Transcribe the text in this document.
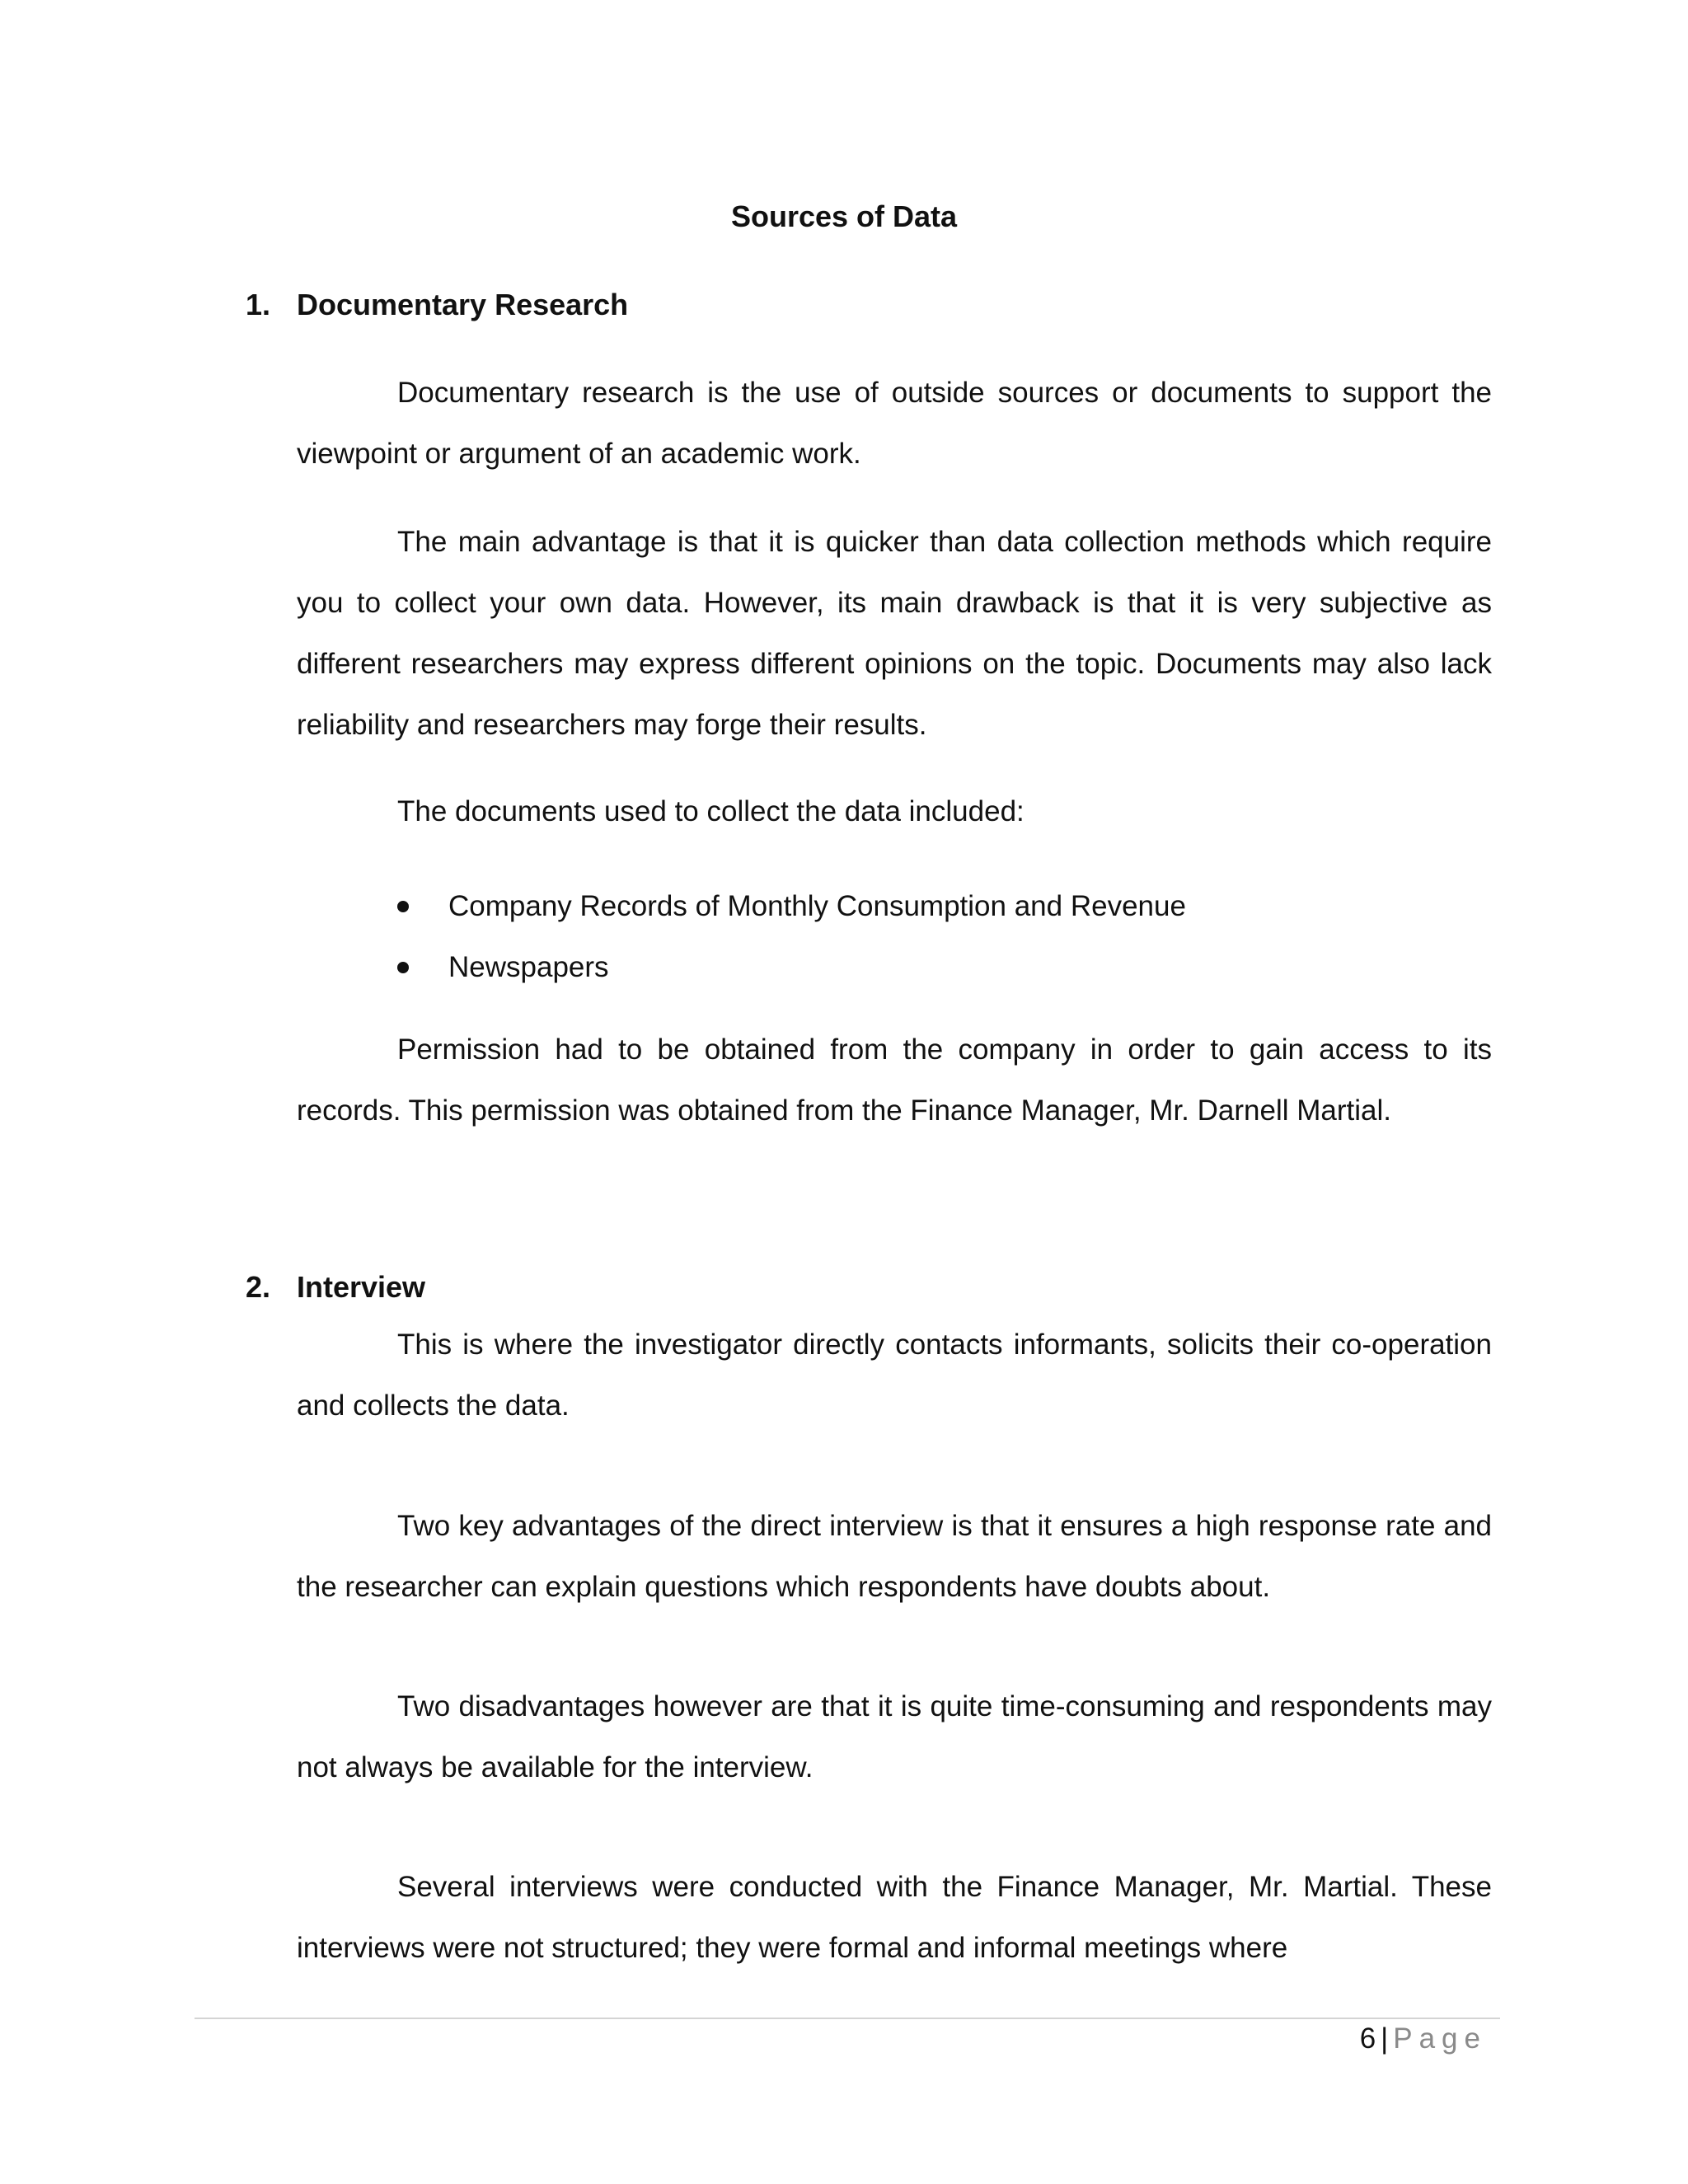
Sources of Data
1. Documentary Research

Documentary research is the use of outside sources or documents to support the viewpoint or argument of an academic work.

The main advantage is that it is quicker than data collection methods which require you to collect your own data. However, its main drawback is that it is very subjective as different researchers may express different opinions on the topic. Documents may also lack reliability and researchers may forge their results.

The documents used to collect the data included:

Company Records of Monthly Consumption and Revenue
Newspapers

Permission had to be obtained from the company in order to gain access to its records. This permission was obtained from the Finance Manager, Mr. Darnell Martial.

2. Interview

This is where the investigator directly contacts informants, solicits their co-operation and collects the data.

Two key advantages of the direct interview is that it ensures a high response rate and the researcher can explain questions which respondents have doubts about.

Two disadvantages however are that it is quite time-consuming and respondents may not always be available for the interview.

Several interviews were conducted with the Finance Manager, Mr. Martial. These interviews were not structured; they were formal and informal meetings where

6 | Page
